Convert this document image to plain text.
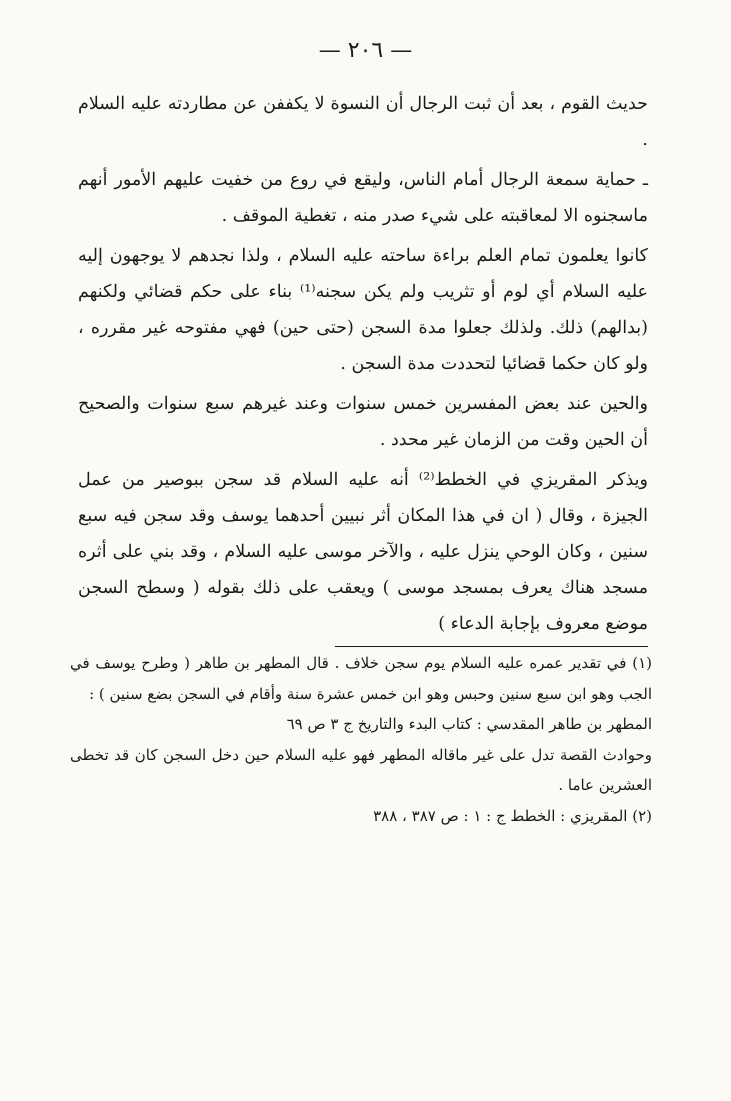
— ٢٠٦ —

حديث القوم ، بعد أن ثبت الرجال أن النسوة لا يكففن عن مطاردته عليه السلام .

ـ حماية سمعة الرجال أمام الناس، وليقع في روع من خفيت عليهم الأمور أنهم ماسجنوه الا لمعاقبته على شيء صدر منه ، تغطية الموقف .

كانوا يعلمون تمام العلم براءة ساحته عليه السلام ، ولذا نجدهم لا يوجهون إليه عليه السلام أي لوم أو تثريب ولم يكن سجنه⁽¹⁾ بناء على حكم قضائي ولكنهم (بدالهم) ذلك. ولذلك جعلوا مدة السجن (حتى حين) فهي مفتوحه غير مقرره ، ولو كان حكما قضائيا لتحددت مدة السجن .

والحين عند بعض المفسرين خمس سنوات وعند غيرهم سبع سنوات والصحيح أن الحين وقت من الزمان غير محدد .

ويذكر المقريزي في الخطط⁽²⁾ أنه عليه السلام قد سجن ببوصير من عمل الجيزة ، وقال ( ان في هذا المكان أثر نبيين أحدهما يوسف وقد سجن فيه سبع سنين ، وكان الوحي ينزل عليه ، والآخر موسى عليه السلام ، وقد بني على أثره مسجد هناك يعرف بمسجد موسى ) ويعقب على ذلك بقوله ( وسطح السجن موضع معروف بإجابة الدعاء )

(١) في تقدير عمره عليه السلام يوم سجن خلاف . قال المطهر بن طاهر ( وطرح يوسف في الجب وهو ابن سبع سنين وحبس وهو ابن خمس عشرة سنة وأقام في السجن بضع سنين ) :

المطهر بن طاهر المقدسي : كتاب البدء والتاريخ ج ٣ ص ٦٩

وحوادث القصة تدل على غير ماقاله المطهر فهو عليه السلام حين دخل السجن كان قد تخطى العشرين عاما .

(٢) المقريزي : الخطط ج : ١ : ص ٣٨٧ ، ٣٨٨
